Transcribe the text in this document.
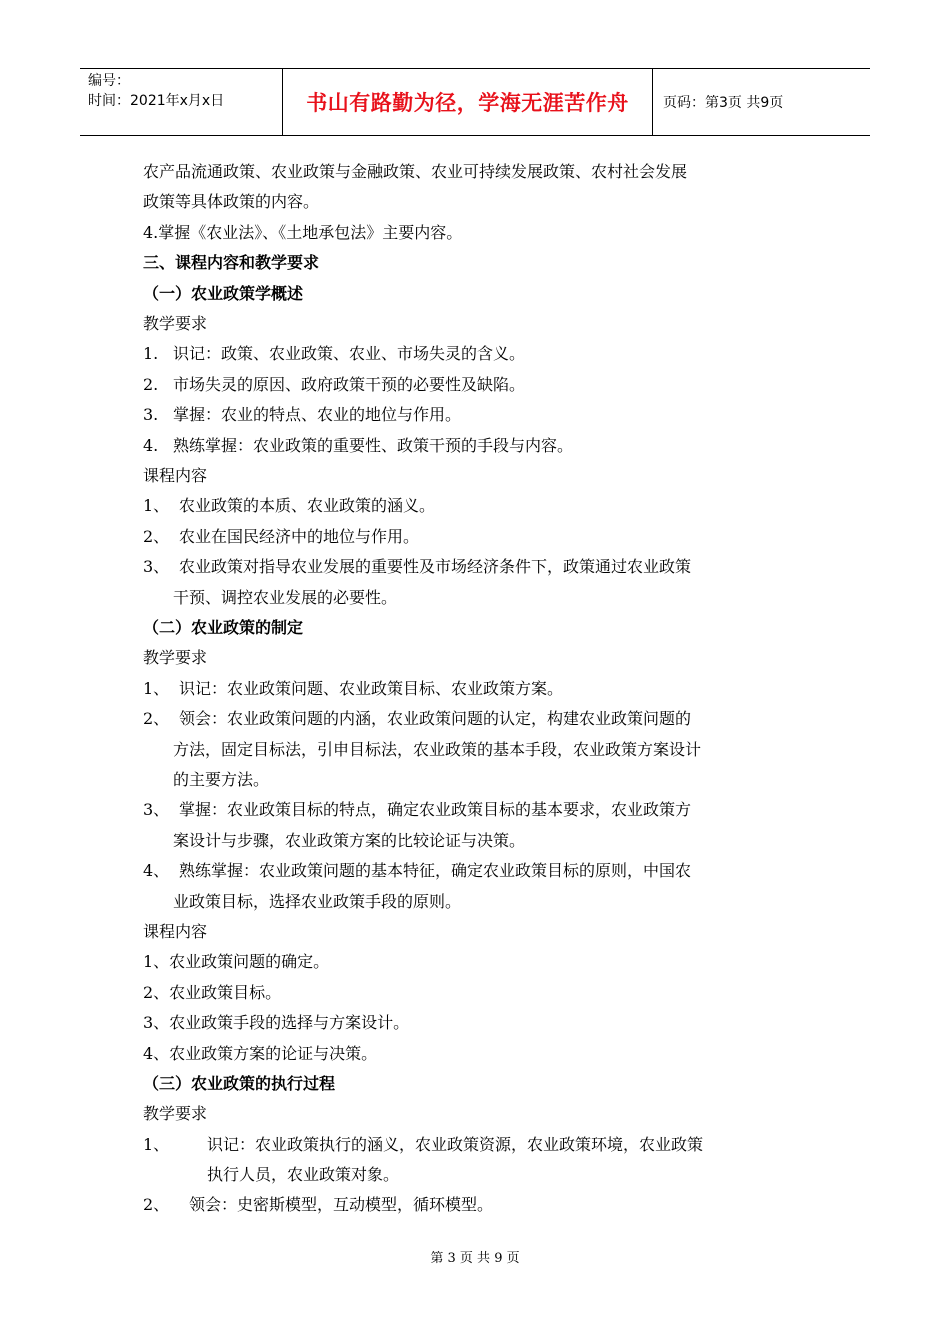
编号：
时间：2021年x月x日	书山有路勤为径，学海无涯苦作舟 页码：第3页 共9页
农产品流通政策、农业政策与金融政策、农业可持续发展政策、农村社会发展
政策等具体政策的内容。
4.掌握《农业法》、《土地承包法》主要内容。
三、课程内容和教学要求
（一）农业政策学概述
教学要求
1. 识记：政策、农业政策、农业、市场失灵的含义。
2. 市场失灵的原因、政府政策干预的必要性及缺陷。
3. 掌握：农业的特点、农业的地位与作用。
4. 熟练掌握：农业政策的重要性、政策干预的手段与内容。
课程内容
1、 农业政策的本质、农业政策的涵义。
2、 农业在国民经济中的地位与作用。
3、 农业政策对指导农业发展的重要性及市场经济条件下，政策通过农业政策
干预、调控农业发展的必要性。
（二）农业政策的制定
教学要求
1、 识记：农业政策问题、农业政策目标、农业政策方案。
2、 领会：农业政策问题的内涵，农业政策问题的认定，构建农业政策问题的
方法，固定目标法，引申目标法，农业政策的基本手段，农业政策方案设计
的主要方法。
3、 掌握：农业政策目标的特点，确定农业政策目标的基本要求，农业政策方
案设计与步骤，农业政策方案的比较论证与决策。
4、 熟练掌握：农业政策问题的基本特征，确定农业政策目标的原则，中国农
业政策目标，选择农业政策手段的原则。
课程内容
1、农业政策问题的确定。
2、农业政策目标。
3、农业政策手段的选择与方案设计。
4、农业政策方案的论证与决策。
（三）农业政策的执行过程
教学要求
1、	识记：农业政策执行的涵义，农业政策资源，农业政策环境，农业政策
执行人员，农业政策对象。
2、	领会：史密斯模型，互动模型，循环模型。
第 3 页 共 9 页
